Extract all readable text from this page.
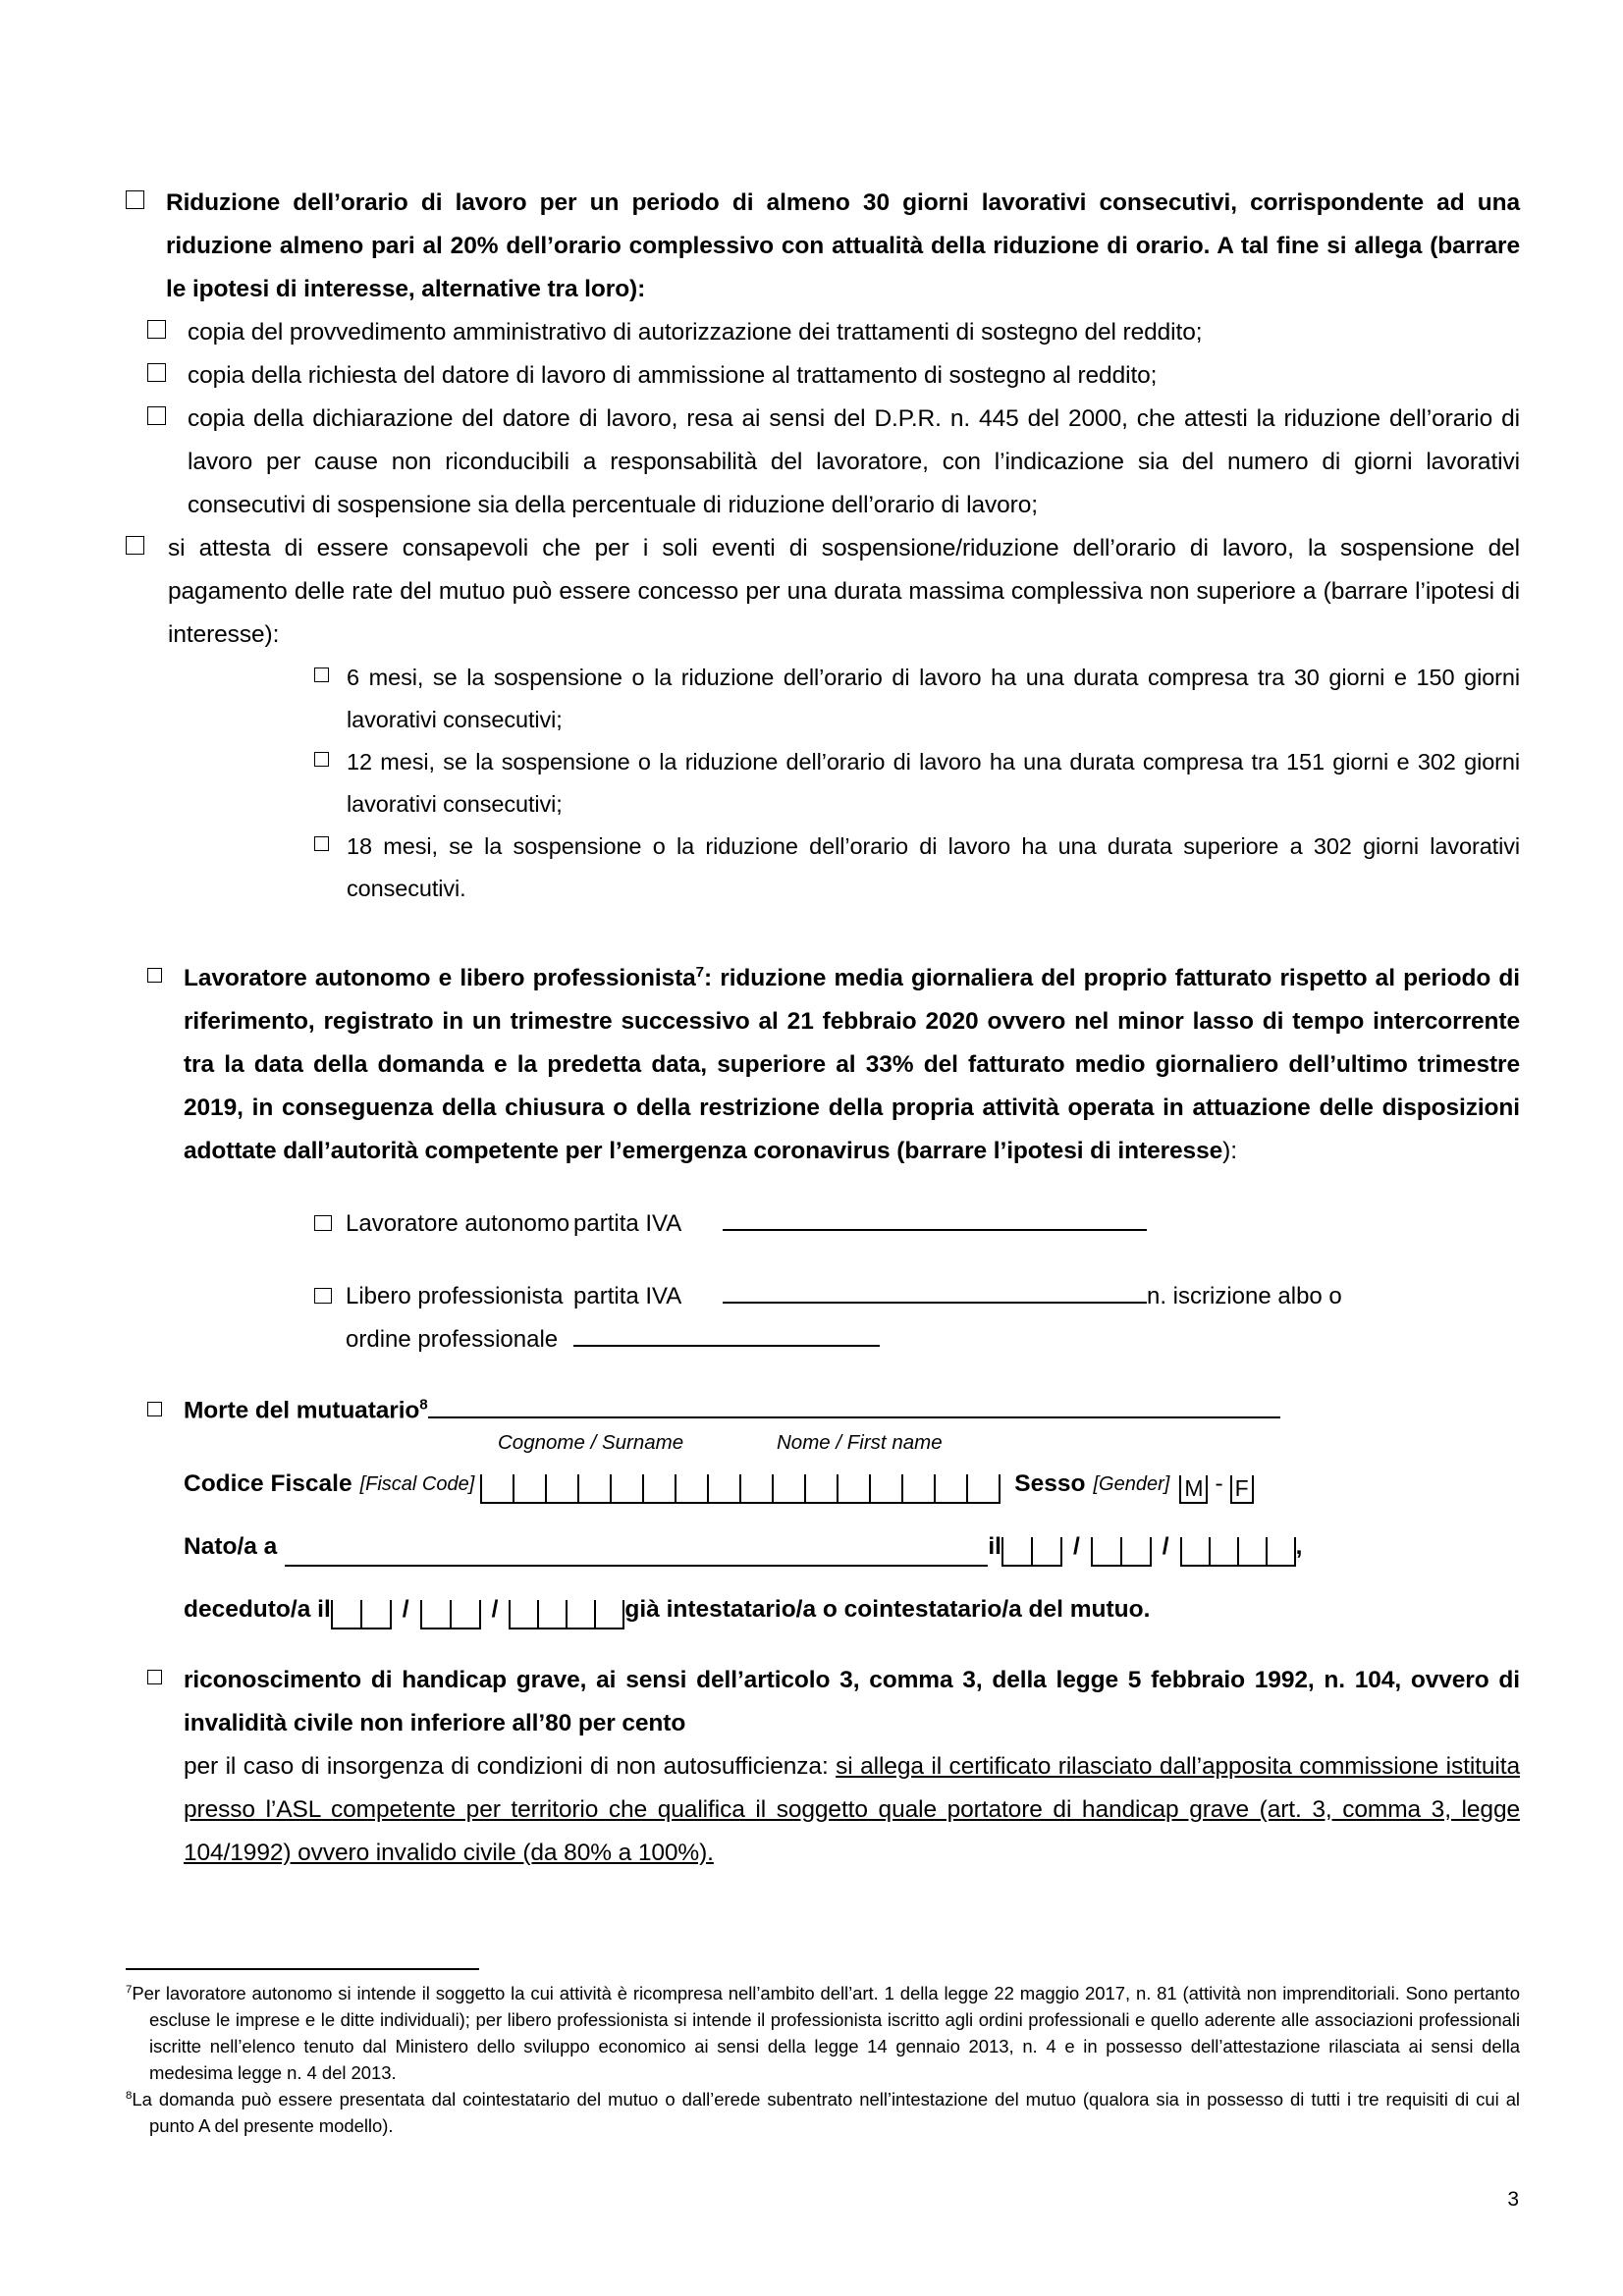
Riduzione dell’orario di lavoro per un periodo di almeno 30 giorni lavorativi consecutivi, corrispondente ad una riduzione almeno pari al 20% dell’orario complessivo con attualità della riduzione di orario. A tal fine si allega (barrare le ipotesi di interesse, alternative tra loro):
copia del provvedimento amministrativo di autorizzazione dei trattamenti di sostegno del reddito;
copia della richiesta del datore di lavoro di ammissione al trattamento di sostegno al reddito;
copia della dichiarazione del datore di lavoro, resa ai sensi del D.P.R. n. 445 del 2000, che attesti la riduzione dell’orario di lavoro per cause non riconducibili a responsabilità del lavoratore, con l’indicazione sia del numero di giorni lavorativi consecutivi di sospensione sia della percentuale di riduzione dell’orario di lavoro;
si attesta di essere consapevoli che per i soli eventi di sospensione/riduzione dell’orario di lavoro, la sospensione del pagamento delle rate del mutuo può essere concesso per una durata massima complessiva non superiore a (barrare l’ipotesi di interesse):
6 mesi, se la sospensione o la riduzione dell’orario di lavoro ha una durata compresa tra 30 giorni e 150 giorni lavorativi consecutivi;
12 mesi, se la sospensione o la riduzione dell’orario di lavoro ha una durata compresa tra 151 giorni e 302 giorni lavorativi consecutivi;
18 mesi, se la sospensione o la riduzione dell’orario di lavoro ha una durata superiore a 302 giorni lavorativi consecutivi.
Lavoratore autonomo e libero professionista$^7$: riduzione media giornaliera del proprio fatturato rispetto al periodo di riferimento, registrato in un trimestre successivo al 21 febbraio 2020 ovvero nel minor lasso di tempo intercorrente tra la data della domanda e la predetta data, superiore al 33% del fatturato medio giornaliero dell’ultimo trimestre 2019, in conseguenza della chiusura o della restrizione della propria attività operata in attuazione delle disposizioni adottate dall’autorità competente per l’emergenza coronavirus (barrare l’ipotesi di interesse):
Lavoratore autonomo partita IVA
Libero professionista partita IVA	n. iscrizione albo o
ordine professionale
Morte del mutuatario$^8$
Cognome / Surname	Nome / First name
Codice Fiscale [Fiscal Code]	Sesso [Gender] M - F
Nato/a a	il	/	/	,
deceduto/a il	/	/	già intestatario/a o cointestatario/a del mutuo.
riconoscimento di handicap grave, ai sensi dell’articolo 3, comma 3, della legge 5 febbraio 1992, n. 104, ovvero di invalidità civile non inferiore all’80 per cento
per il caso di insorgenza di condizioni di non autosufficienza: si allega il certificato rilasciato dall’apposita commissione istituita presso l’ASL competente per territorio che qualifica il soggetto quale portatore di handicap grave (art. 3, comma 3, legge 104/1992) ovvero invalido civile (da 80% a 100%).
$^7$Per lavoratore autonomo si intende il soggetto la cui attività è ricompresa nell’ambito dell’art. 1 della legge 22 maggio 2017, n. 81 (attività non imprenditoriali. Sono pertanto escluse le imprese e le ditte individuali); per libero professionista si intende il professionista iscritto agli ordini professionali e quello aderente alle associazioni professionali iscritte nell’elenco tenuto dal Ministero dello sviluppo economico ai sensi della legge 14 gennaio 2013, n. 4 e in possesso dell’attestazione rilasciata ai sensi della medesima legge n. 4 del 2013.
$^8$La domanda può essere presentata dal cointestatario del mutuo o dall’erede subentrato nell’intestazione del mutuo (qualora sia in possesso di tutti i tre requisiti di cui al punto A del presente modello).
3
